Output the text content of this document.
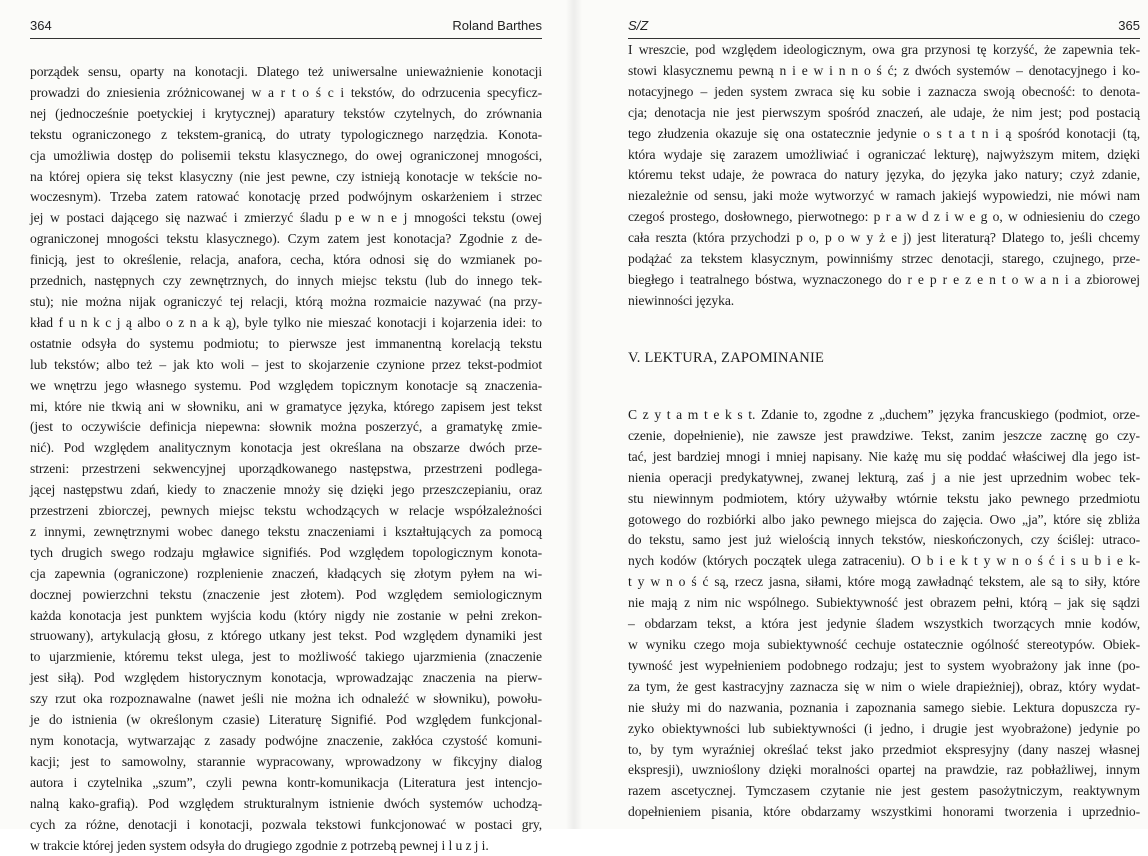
364	Roland Barthes
porządek sensu, oparty na konotacji. Dlatego też uniwersalne unieważnienie konotacji
prowadzi do zniesienia zróżnicowanej w a r t o ś c i tekstów, do odrzucenia specyficz-
nej (jednocześnie poetyckiej i krytycznej) aparatury tekstów czytelnych, do zrównania
tekstu ograniczonego z tekstem-granicą, do utraty typologicznego narzędzia. Konota-
cja umożliwia dostęp do polisemii tekstu klasycznego, do owej ograniczonej mnogości,
na której opiera się tekst klasyczny (nie jest pewne, czy istnieją konotacje w tekście no-
woczesnym). Trzeba zatem ratować konotację przed podwójnym oskarżeniem i strzec
jej w postaci dającego się nazwać i zmierzyć śladu p e w n e j mnogości tekstu (owej
ograniczonej mnogości tekstu klasycznego). Czym zatem jest konotacja? Zgodnie z de-
finicją, jest to określenie, relacja, anafora, cecha, która odnosi się do wzmianek po-
przednich, następnych czy zewnętrznych, do innych miejsc tekstu (lub do innego tek-
stu); nie można nijak ograniczyć tej relacji, którą można rozmaicie nazywać (na przy-
kład f u n k c j ą albo o z n a k ą), byle tylko nie mieszać konotacji i kojarzenia idei: to
ostatnie odsyła do systemu podmiotu; to pierwsze jest immanentną korelacją tekstu
lub tekstów; albo też – jak kto woli – jest to skojarzenie czynione przez tekst-podmiot
we wnętrzu jego własnego systemu. Pod względem topicznym konotacje są znaczenia-
mi, które nie tkwią ani w słowniku, ani w gramatyce języka, którego zapisem jest tekst
(jest to oczywiście definicja niepewna: słownik można poszerzyć, a gramatykę zmie-
nić). Pod względem analitycznym konotacja jest określana na obszarze dwóch prze-
strzeni: przestrzeni sekwencyjnej uporządkowanego następstwa, przestrzeni podlega-
jącej następstwu zdań, kiedy to znaczenie mnoży się dzięki jego przeszczepianiu, oraz
przestrzeni zbiorczej, pewnych miejsc tekstu wchodzących w relacje współzależności
z innymi, zewnętrznymi wobec danego tekstu znaczeniami i kształtujących za pomocą
tych drugich swego rodzaju mgławice signifiés. Pod względem topologicznym konota-
cja zapewnia (ograniczone) rozplenienie znaczeń, kładących się złotym pyłem na wi-
docznej powierzchni tekstu (znaczenie jest złotem). Pod względem semiologicznym
każda konotacja jest punktem wyjścia kodu (który nigdy nie zostanie w pełni zrekon-
struowany), artykulacją głosu, z którego utkany jest tekst. Pod względem dynamiki jest
to ujarzmienie, któremu tekst ulega, jest to możliwość takiego ujarzmienia (znaczenie
jest siłą). Pod względem historycznym konotacja, wprowadzając znaczenia na pierw-
szy rzut oka rozpoznawalne (nawet jeśli nie można ich odnaleźć w słowniku), powołu-
je do istnienia (w określonym czasie) Literaturę Signifié. Pod względem funkcjonal-
nym konotacja, wytwarzając z zasady podwójne znaczenie, zakłóca czystość komuni-
kacji; jest to samowolny, starannie wypracowany, wprowadzony w fikcyjny dialog
autora i czytelnika „szum”, czyli pewna kontr-komunikacja (Literatura jest intencjo-
nalną kako-grafią). Pod względem strukturalnym istnienie dwóch systemów uchodzą-
cych za różne, denotacji i konotacji, pozwala tekstowi funkcjonować w postaci gry,
w trakcie której jeden system odsyła do drugiego zgodnie z potrzebą pewnej i l u z j i.
S/Z	365
I wreszcie, pod względem ideologicznym, owa gra przynosi tę korzyść, że zapewnia tek-
stowi klasycznemu pewną n i e w i n n o ś ć; z dwóch systemów – denotacyjnego i ko-
notacyjnego – jeden system zwraca się ku sobie i zaznacza swoją obecność: to denota-
cja; denotacja nie jest pierwszym spośród znaczeń, ale udaje, że nim jest; pod postacią
tego złudzenia okazuje się ona ostatecznie jedynie o s t a t n i ą spośród konotacji (tą,
która wydaje się zarazem umożliwiać i ograniczać lekturę), najwyższym mitem, dzięki
któremu tekst udaje, że powraca do natury języka, do języka jako natury; czyż zdanie,
niezależnie od sensu, jaki może wytworzyć w ramach jakiejś wypowiedzi, nie mówi nam
czegoś prostego, dosłownego, pierwotnego: p r a w d z i w e g o, w odniesieniu do czego
cała reszta (która przychodzi p o, p o w y ż e j) jest literaturą? Dlatego to, jeśli chcemy
podążać za tekstem klasycznym, powinniśmy strzec denotacji, starego, czujnego, prze-
biegłego i teatralnego bóstwa, wyznaczonego do r e p r e z e n t o w a n i a zbiorowej
niewinności języka.
V. LEKTURA, ZAPOMINANIE
C z y t a m t e k s t. Zdanie to, zgodne z „duchem” języka francuskiego (podmiot, orze-
czenie, dopełnienie), nie zawsze jest prawdziwe. Tekst, zanim jeszcze zacznę go czy-
tać, jest bardziej mnogi i mniej napisany. Nie każę mu się poddać właściwej dla jego ist-
nienia operacji predykatywnej, zwanej lekturą, zaś j a nie jest uprzednim wobec tek-
stu niewinnym podmiotem, który używałby wtórnie tekstu jako pewnego przedmiotu
gotowego do rozbiórki albo jako pewnego miejsca do zajęcia. Owo „ja”, które się zbliża
do tekstu, samo jest już wielością innych tekstów, nieskończonych, czy ściślej: utraco-
nych kodów (których początek ulega zatraceniu). O b i e k t y w n o ś ć i s u b i e k-
t y w n o ś ć są, rzecz jasna, siłami, które mogą zawładnąć tekstem, ale są to siły, które
nie mają z nim nic wspólnego. Subiektywność jest obrazem pełni, którą – jak się sądzi
– obdarzam tekst, a która jest jedynie śladem wszystkich tworzących mnie kodów,
w wyniku czego moja subiektywność cechuje ostatecznie ogólność stereotypów. Obiek-
tywność jest wypełnieniem podobnego rodzaju; jest to system wyobrażony jak inne (po-
za tym, że gest kastracyjny zaznacza się w nim o wiele drapieżniej), obraz, który wydat-
nie służy mi do nazwania, poznania i zapoznania samego siebie. Lektura dopuszcza ry-
zyko obiektywności lub subiektywności (i jedno, i drugie jest wyobrażone) jedynie po
to, by tym wyraźniej określać tekst jako przedmiot ekspresyjny (dany naszej własnej
ekspresji), uwznioślony dzięki moralności opartej na prawdzie, raz pobłażliwej, innym
razem ascetycznej. Tymczasem czytanie nie jest gestem pasożytniczym, reaktywnym
dopełnieniem pisania, które obdarzamy wszystkimi honorami tworzenia i uprzednio-
